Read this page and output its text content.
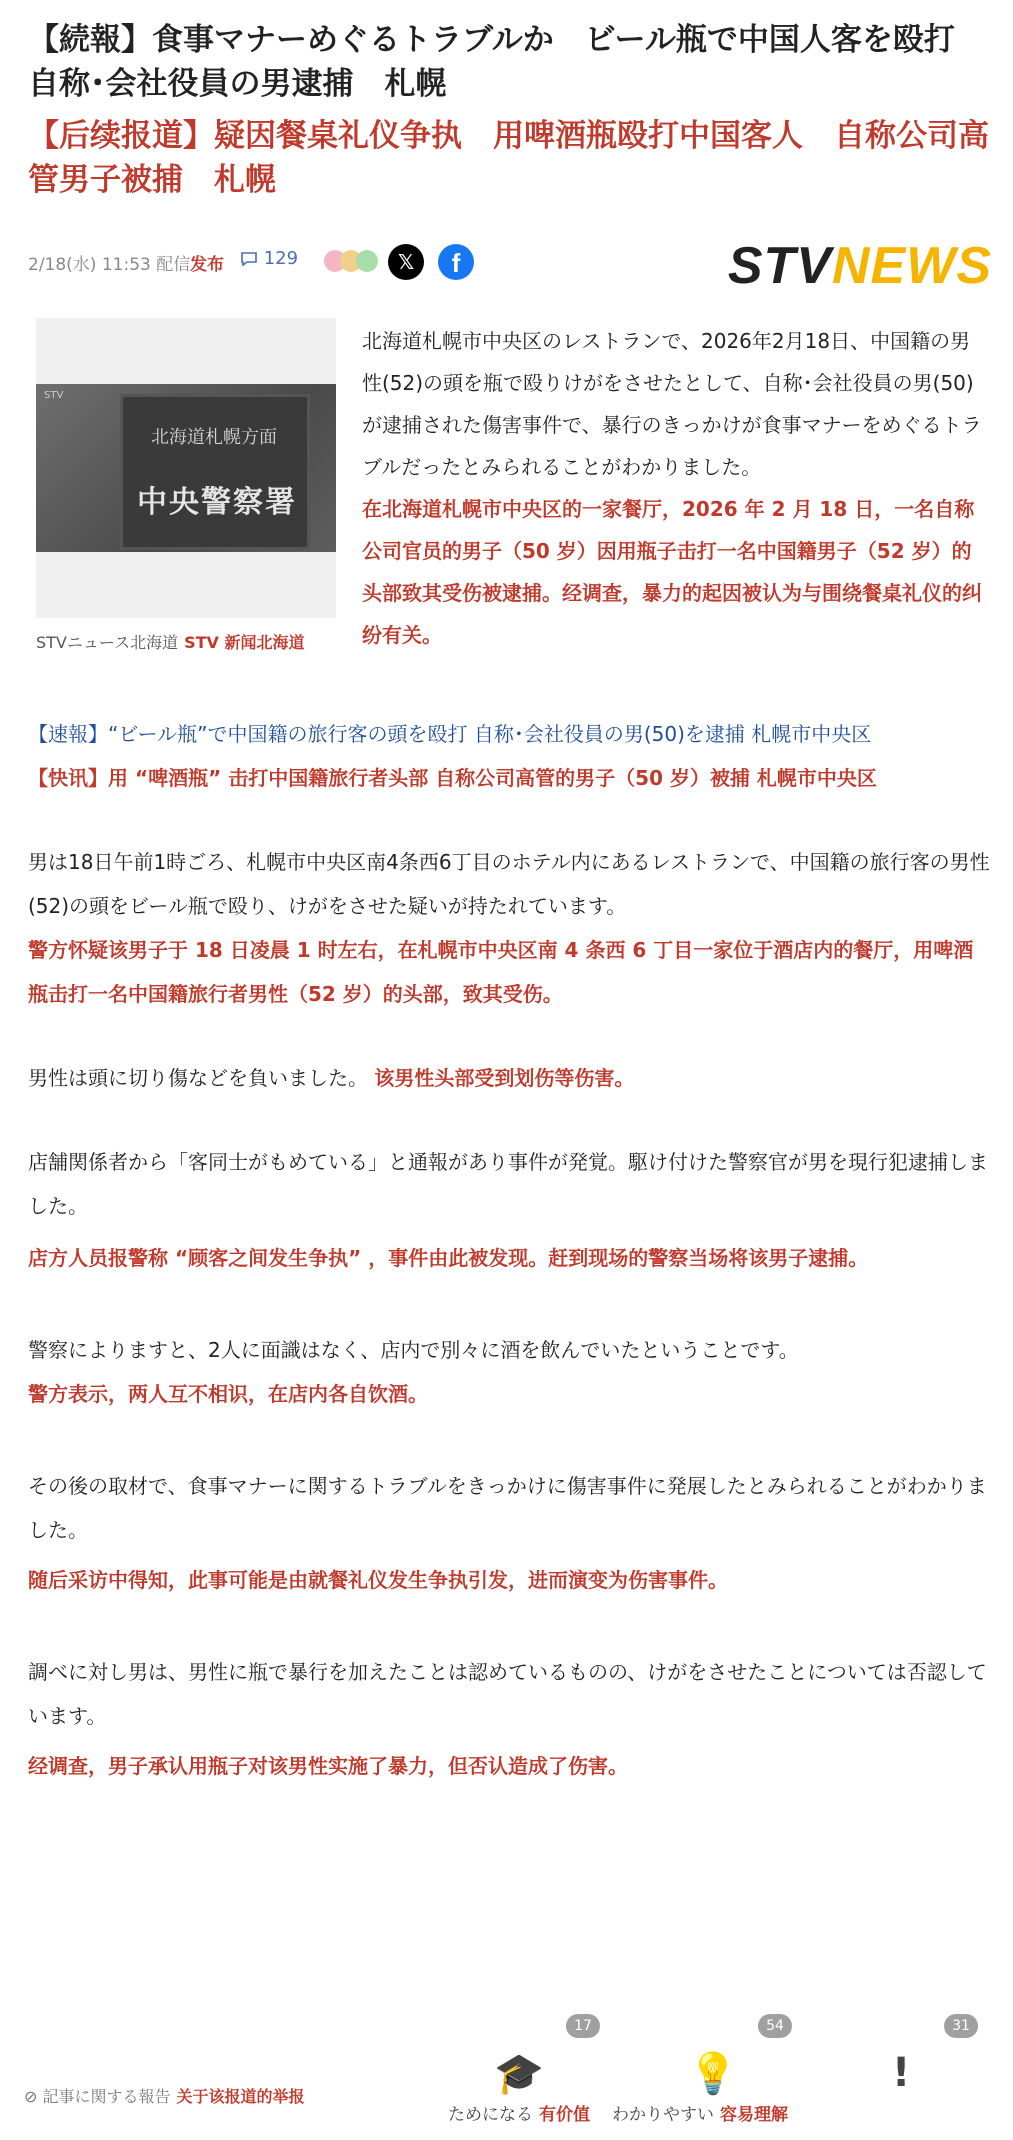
【続報】食事マナーめぐるトラブルか　ビール瓶で中国人客を殴打　自称･会社役員の男逮捕　札幌
【后续报道】疑因餐桌礼仪争执　用啤酒瓶殴打中国客人　自称公司高管男子被捕　札幌
2/18(水) 11:53 配信 发布	129	𝕏	f	STVNEWS
STV
北海道札幌方面
中央警察署
STVニュース北海道 STV 新闻北海道
北海道札幌市中央区のレストランで、2026年2月18日、中国籍の男性(52)の頭を瓶で殴りけがをさせたとして、自称･会社役員の男(50)が逮捕された傷害事件で、暴行のきっかけが食事マナーをめぐるトラブルだったとみられることがわかりました。
在北海道札幌市中央区的一家餐厅，2026 年 2 月 18 日，一名自称公司官员的男子（50 岁）因用瓶子击打一名中国籍男子（52 岁）的头部致其受伤被逮捕。经调查，暴力的起因被认为与围绕餐桌礼仪的纠纷有关。
【速報】“ビール瓶”で中国籍の旅行客の頭を殴打 自称･会社役員の男(50)を逮捕 札幌市中央区
【快讯】用 “啤酒瓶” 击打中国籍旅行者头部 自称公司高管的男子（50 岁）被捕 札幌市中央区
男は18日午前1時ごろ、札幌市中央区南4条西6丁目のホテル内にあるレストランで、中国籍の旅行客の男性(52)の頭をビール瓶で殴り、けがをさせた疑いが持たれています。
警方怀疑该男子于 18 日凌晨 1 时左右，在札幌市中央区南 4 条西 6 丁目一家位于酒店内的餐厅，用啤酒瓶击打一名中国籍旅行者男性（52 岁）的头部，致其受伤。
男性は頭に切り傷などを負いました。 该男性头部受到划伤等伤害。
店舗関係者から「客同士がもめている」と通報があり事件が発覚。駆け付けた警察官が男を現行犯逮捕しました。
店方人员报警称 “顾客之间发生争执” ，事件由此被发现。赶到现场的警察当场将该男子逮捕。
警察によりますと、2人に面識はなく、店内で別々に酒を飲んでいたということです。
警方表示，两人互不相识，在店内各自饮酒。
その後の取材で、食事マナーに関するトラブルをきっかけに傷害事件に発展したとみられることがわかりました。
随后采访中得知，此事可能是由就餐礼仪发生争执引发，进而演变为伤害事件。
調べに対し男は、男性に瓶で暴行を加えたことは認めているものの、けがをさせたことについては否認しています。
经调查，男子承认用瓶子对该男性实施了暴力，但否认造成了伤害。
⊘ 記事に関する報告 关于该报道的举报
17
🎓
ためになる 有价值
54
💡
わかりやすい 容易理解
31
!
